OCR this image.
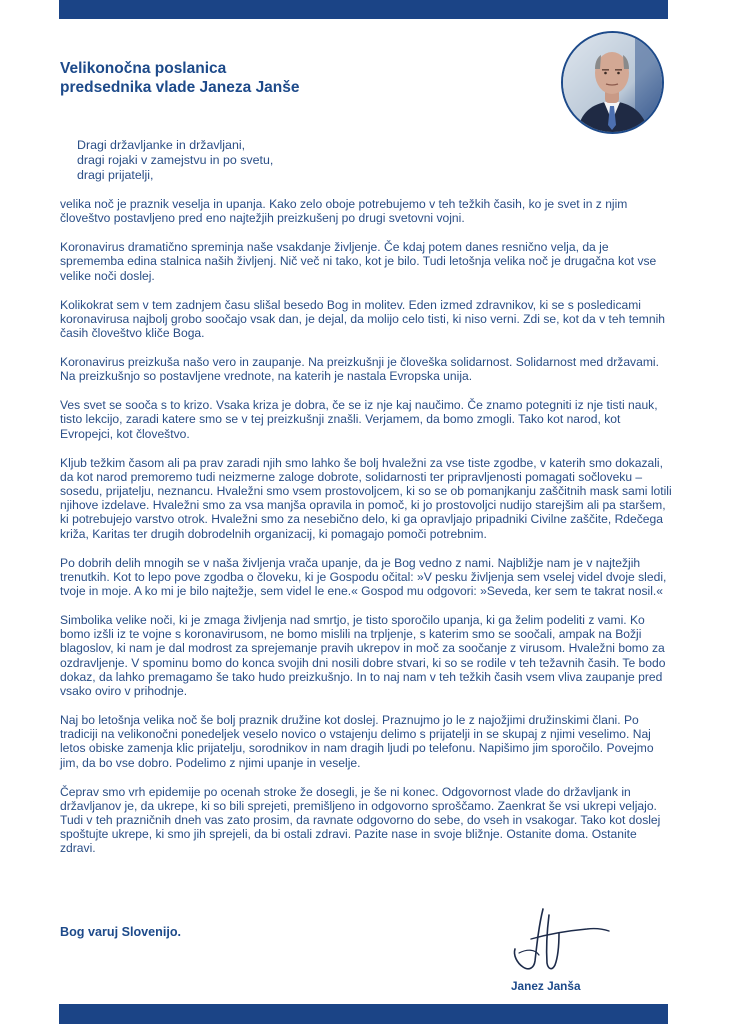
Velikonočna poslanica
predsednika vlade Janeza Janše
Dragi državljanke in državljani,
dragi rojaki v zamejstvu in po svetu,
dragi prijatelji,

velika noč je praznik veselja in upanja. Kako zelo oboje potrebujemo v teh težkih časih, ko je svet in z njim človeštvo postavljeno pred eno najtežjih preizkušenj po drugi svetovni vojni.

Koronavirus dramatično spreminja naše vsakdanje življenje. Če kdaj potem danes resnično velja, da je sprememba edina stalnica naših življenj. Nič več ni tako, kot je bilo. Tudi letošnja velika noč je drugačna kot vse velike noči doslej.

Kolikokrat sem v tem zadnjem času slišal besedo Bog in molitev. Eden izmed zdravnikov, ki se s posledicami koronavirusa najbolj grobo soočajo vsak dan, je dejal, da molijo celo tisti, ki niso verni. Zdi se, kot da v teh temnih časih človeštvo kliče Boga.

Koronavirus preizkuša našo vero in zaupanje. Na preizkušnji je človeška solidarnost. Solidarnost med državami. Na preizkušnjo so postavljene vrednote, na katerih je nastala Evropska unija.

Ves svet se sooča s to krizo. Vsaka kriza je dobra, če se iz nje kaj naučimo. Če znamo potegniti iz nje tisti nauk, tisto lekcijo, zaradi katere smo se v tej preizkušnji znašli. Verjamem, da bomo zmogli. Tako kot narod, kot Evropejci, kot človeštvo.

Kljub težkim časom ali pa prav zaradi njih smo lahko še bolj hvaležni za vse tiste zgodbe, v katerih smo dokazali, da kot narod premoremo tudi neizmerne zaloge dobrote, solidarnosti ter pripravljenosti pomagati sočloveku – sosedu, prijatelju, neznancu. Hvaležni smo vsem prostovoljcem, ki so se ob pomanjkanju zaščitnih mask sami lotili njihove izdelave. Hvaležni smo za vsa manjša opravila in pomoč, ki jo prostovoljci nudijo starejšim ali pa staršem, ki potrebujejo varstvo otrok. Hvaležni smo za nesebično delo, ki ga opravljajo pripadniki Civilne zaščite, Rdečega križa, Karitas ter drugih dobrodelnih organizacij, ki pomagajo pomoči potrebnim.

Po dobrih delih mnogih se v naša življenja vrača upanje, da je Bog vedno z nami. Najbližje nam je v najtežjih trenutkih. Kot to lepo pove zgodba o človeku, ki je Gospodu očital: »V pesku življenja sem vselej videl dvoje sledi, tvoje in moje. A ko mi je bilo najtežje, sem videl le ene.« Gospod mu odgovori: »Seveda, ker sem te takrat nosil.«

Simbolika velike noči, ki je zmaga življenja nad smrtjo, je tisto sporočilo upanja, ki ga želim podeliti z vami. Ko bomo izšli iz te vojne s koronavirusom, ne bomo mislili na trpljenje, s katerim smo se soočali, ampak na Božji blagoslov, ki nam je dal modrost za sprejemanje pravih ukrepov in moč za soočanje z virusom. Hvaležni bomo za ozdravljenje. V spominu bomo do konca svojih dni nosili dobre stvari, ki so se rodile v teh težavnih časih. Te bodo dokaz, da lahko premagamo še tako hudo preizkušnjo. In to naj nam v teh težkih časih vsem vliva zaupanje pred vsako oviro v prihodnje.

Naj bo letošnja velika noč še bolj praznik družine kot doslej. Praznujmo jo le z najožjimi družinskimi člani. Po tradiciji na velikonočni ponedeljek veselo novico o vstajenju delimo s prijatelji in se skupaj z njimi veselimo. Naj letos obiske zamenja klic prijatelju, sorodnikov in nam dragih ljudi po telefonu. Napišimo jim sporočilo. Povejmo jim, da bo vse dobro. Podelimo z njimi upanje in veselje.

Čeprav smo vrh epidemije po ocenah stroke že dosegli, je še ni konec. Odgovornost vlade do državljank in državljanov je, da ukrepe, ki so bili sprejeti, premišljeno in odgovorno sproščamo. Zaenkrat še vsi ukrepi veljajo. Tudi v teh prazničnih dneh vas zato prosim, da ravnate odgovorno do sebe, do vseh in vsakogar. Tako kot doslej spoštujte ukrepe, ki smo jih sprejeli, da bi ostali zdravi. Pazite nase in svoje bližnje. Ostanite doma. Ostanite zdravi.

Bog varuj Slovenijo.
Janez Janša
